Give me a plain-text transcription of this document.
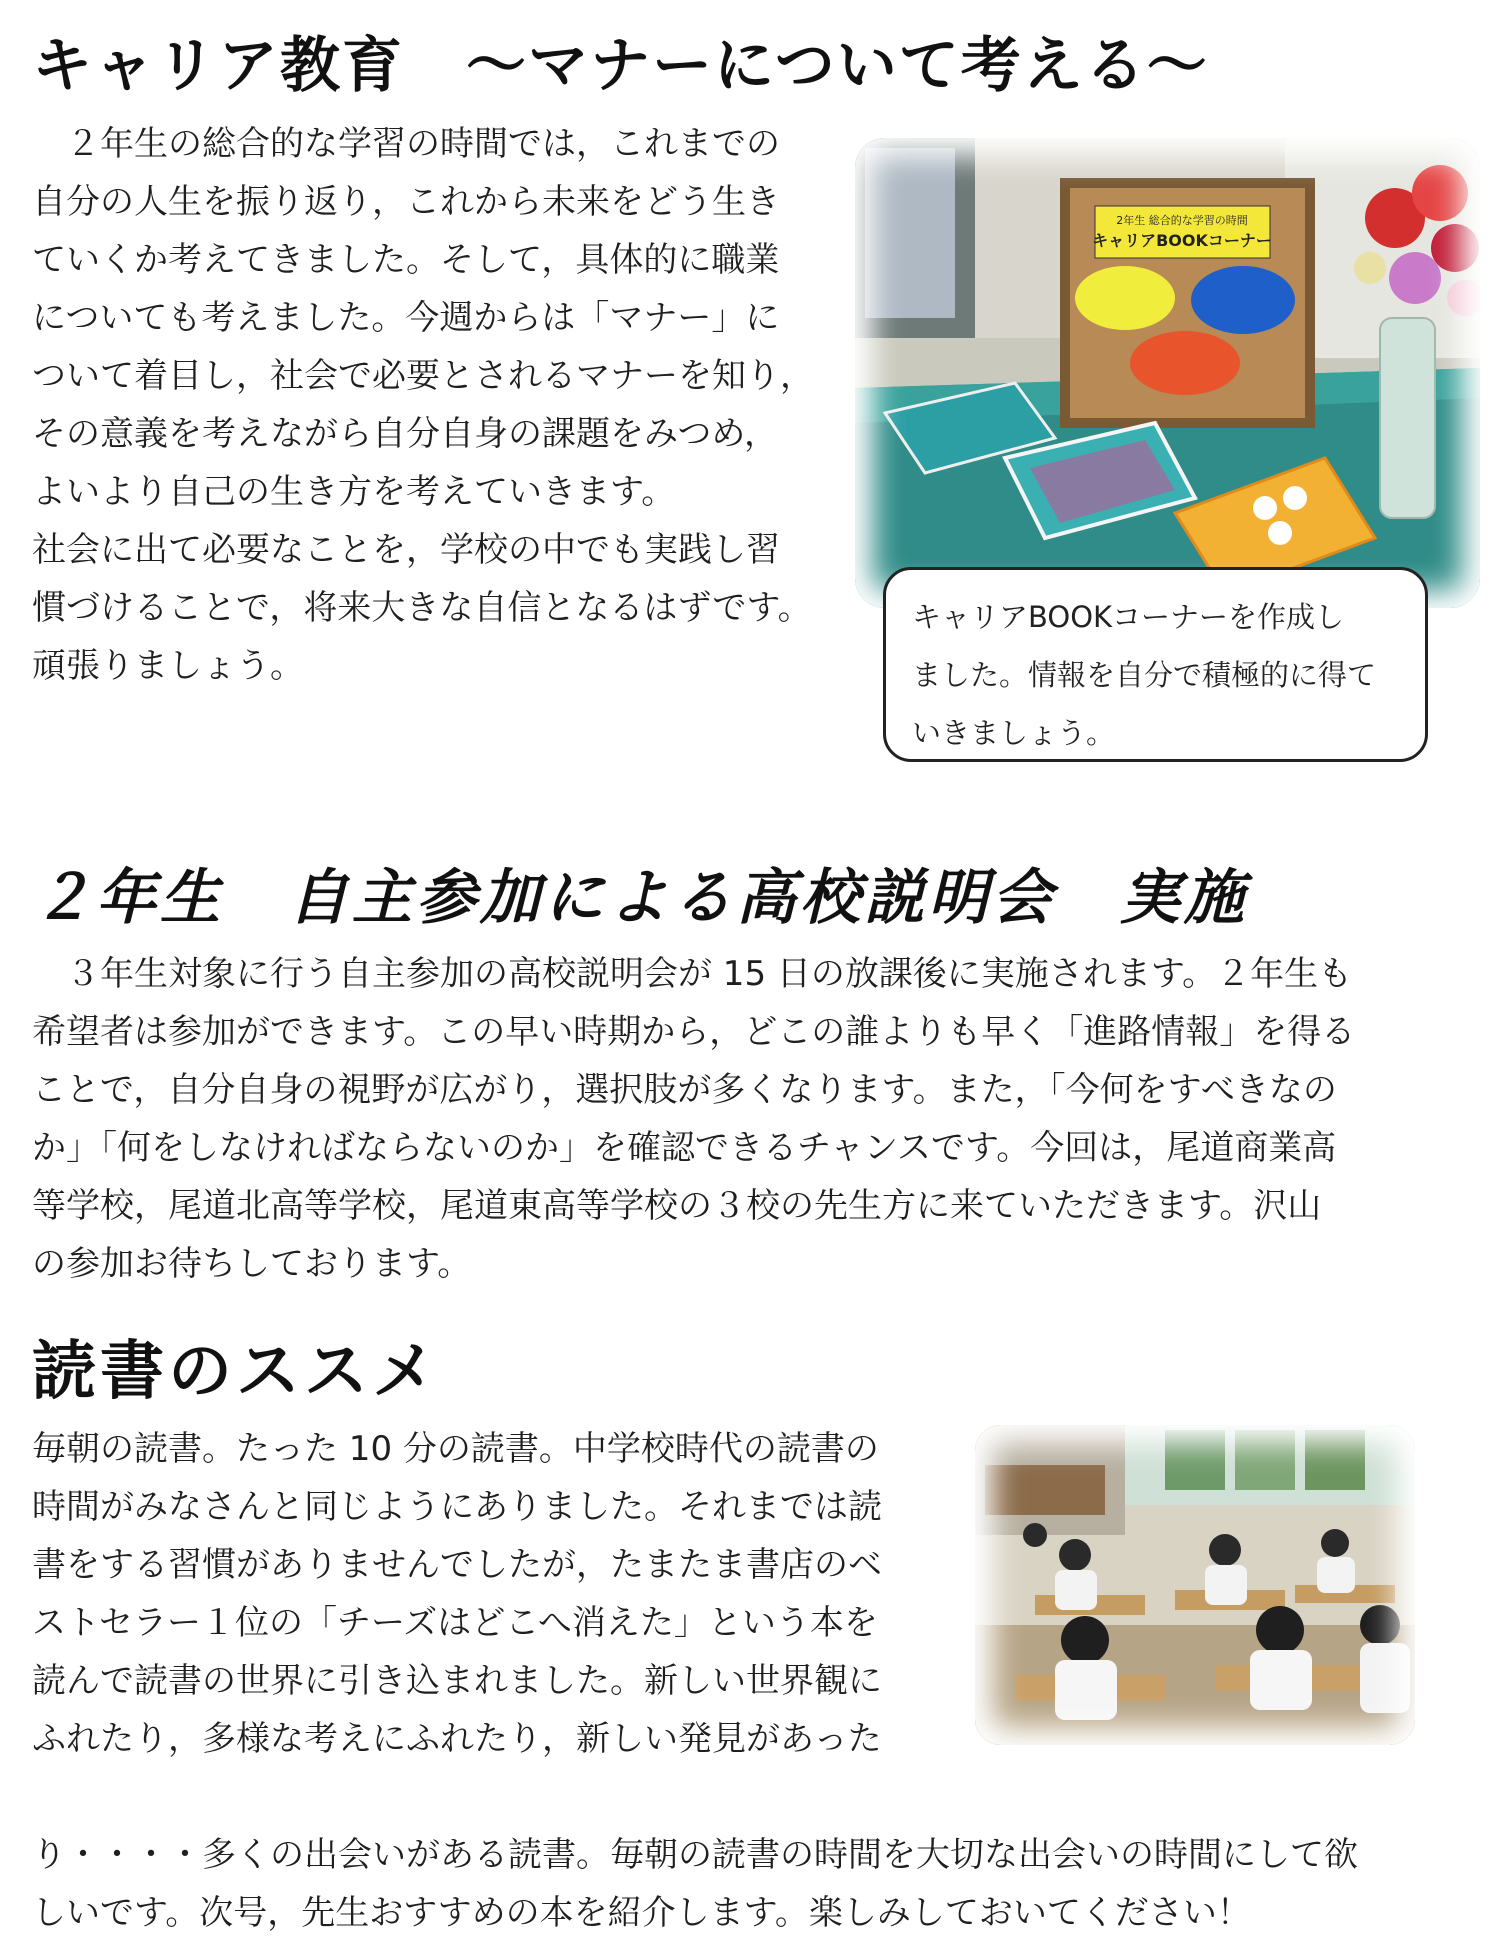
キャリア教育　～マナーについて考える～
　２年生の総合的な学習の時間では，これまでの
自分の人生を振り返り，これから未来をどう生き
ていくか考えてきました。そして，具体的に職業
についても考えました。今週からは「マナー」に
ついて着目し，社会で必要とされるマナーを知り，
その意義を考えながら自分自身の課題をみつめ，
よいより自己の生き方を考えていきます。
社会に出て必要なことを，学校の中でも実践し習
慣づけることで，将来大きな自信となるはずです。
頑張りましょう。
2年生 総合的な学習の時間
キャリアBOOKコーナー
キャリアBOOKコーナーを作成し
ました。情報を自分で積極的に得て
いきましょう。
２年生　自主参加による高校説明会　実施
　３年生対象に行う自主参加の高校説明会が 15 日の放課後に実施されます。２年生も
希望者は参加ができます。この早い時期から，どこの誰よりも早く「進路情報」を得る
ことで，自分自身の視野が広がり，選択肢が多くなります。また，「今何をすべきなの
か」「何をしなければならないのか」を確認できるチャンスです。今回は，尾道商業高
等学校，尾道北高等学校，尾道東高等学校の３校の先生方に来ていただきます。沢山
の参加お待ちしております。
読書のススメ
毎朝の読書。たった 10 分の読書。中学校時代の読書の
時間がみなさんと同じようにありました。それまでは読
書をする習慣がありませんでしたが，たまたま書店のベ
ストセラー１位の「チーズはどこへ消えた」という本を
読んで読書の世界に引き込まれました。新しい世界観に
ふれたり，多様な考えにふれたり，新しい発見があった
り・・・・多くの出会いがある読書。毎朝の読書の時間を大切な出会いの時間にして欲
しいです。次号，先生おすすめの本を紹介します。楽しみしておいてください！
